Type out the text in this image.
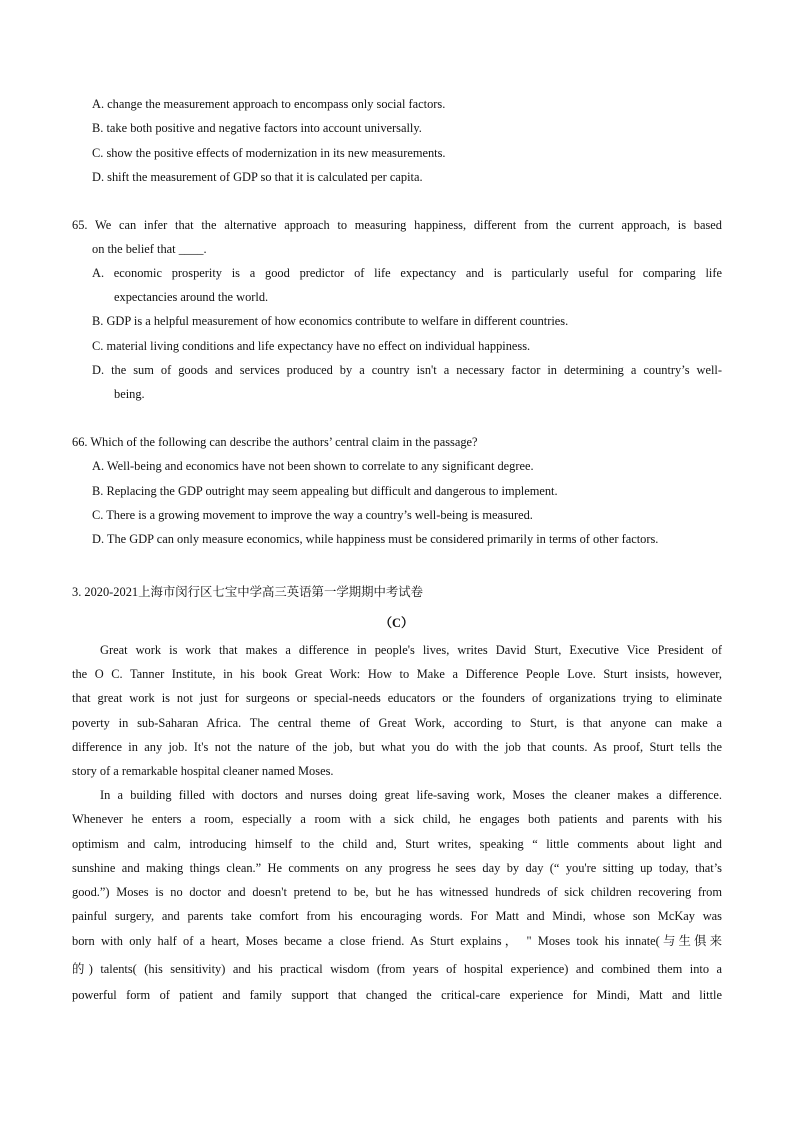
A. change the measurement approach to encompass only social factors.
B. take both positive and negative factors into account universally.
C. show the positive effects of modernization in its new measurements.
D. shift the measurement of GDP so that it is calculated per capita.
65. We can infer that the alternative approach to measuring happiness, different from the current approach, is based
on the belief that ____.
A. economic prosperity is a good predictor of life expectancy and is particularly useful for comparing life
expectancies around the world.
B. GDP is a helpful measurement of how economics contribute to welfare in different countries.
C. material living conditions and life expectancy have no effect on individual happiness.
D. the sum of goods and services produced by a country isn't a necessary factor in determining a country’s well-
being.
66. Which of the following can describe the authors’ central claim in the passage?
A. Well-being and economics have not been shown to correlate to any significant degree.
B. Replacing the GDP outright may seem appealing but difficult and dangerous to implement.
C. There is a growing movement to improve the way a country’s well-being is measured.
D. The GDP can only measure economics, while happiness must be considered primarily in terms of other factors.
3. 2020-2021上海市闵行区七宝中学高三英语第一学期期中考试卷
（C）
Great work is work that makes a difference in people's lives, writes David Sturt, Executive Vice President of
the O C. Tanner Institute, in his book Great Work: How to Make a Difference People Love. Sturt insists, however,
that great work is not just for surgeons or special-needs educators or the founders of organizations trying to eliminate
poverty in sub-Saharan Africa. The central theme of Great Work, according to Sturt, is that anyone can make a
difference in any job. It's not the nature of the job, but what you do with the job that counts. As proof, Sturt tells the
story of a remarkable hospital cleaner named Moses.
In a building filled with doctors and nurses doing great life-saving work, Moses the cleaner makes a difference.
Whenever he enters a room, especially a room with a sick child, he engages both patients and parents with his
optimism and calm, introducing himself to the child and, Sturt writes, speaking “ little comments about light and
sunshine and making things clean.” He comments on any progress he sees day by day (“ you're sitting up today, that’s
good.”) Moses is no doctor and doesn't pretend to be, but he has witnessed hundreds of sick children recovering from
painful surgery, and parents take comfort from his encouraging words. For Matt and Mindi, whose son McKay was
born with only half of a heart, Moses became a close friend. As Sturt explains， " Moses took his innate(与生俱来
的) talents( (his sensitivity) and his practical wisdom (from years of hospital experience) and combined them into a
powerful form of patient and family support that changed the critical-care experience for Mindi, Matt and little
